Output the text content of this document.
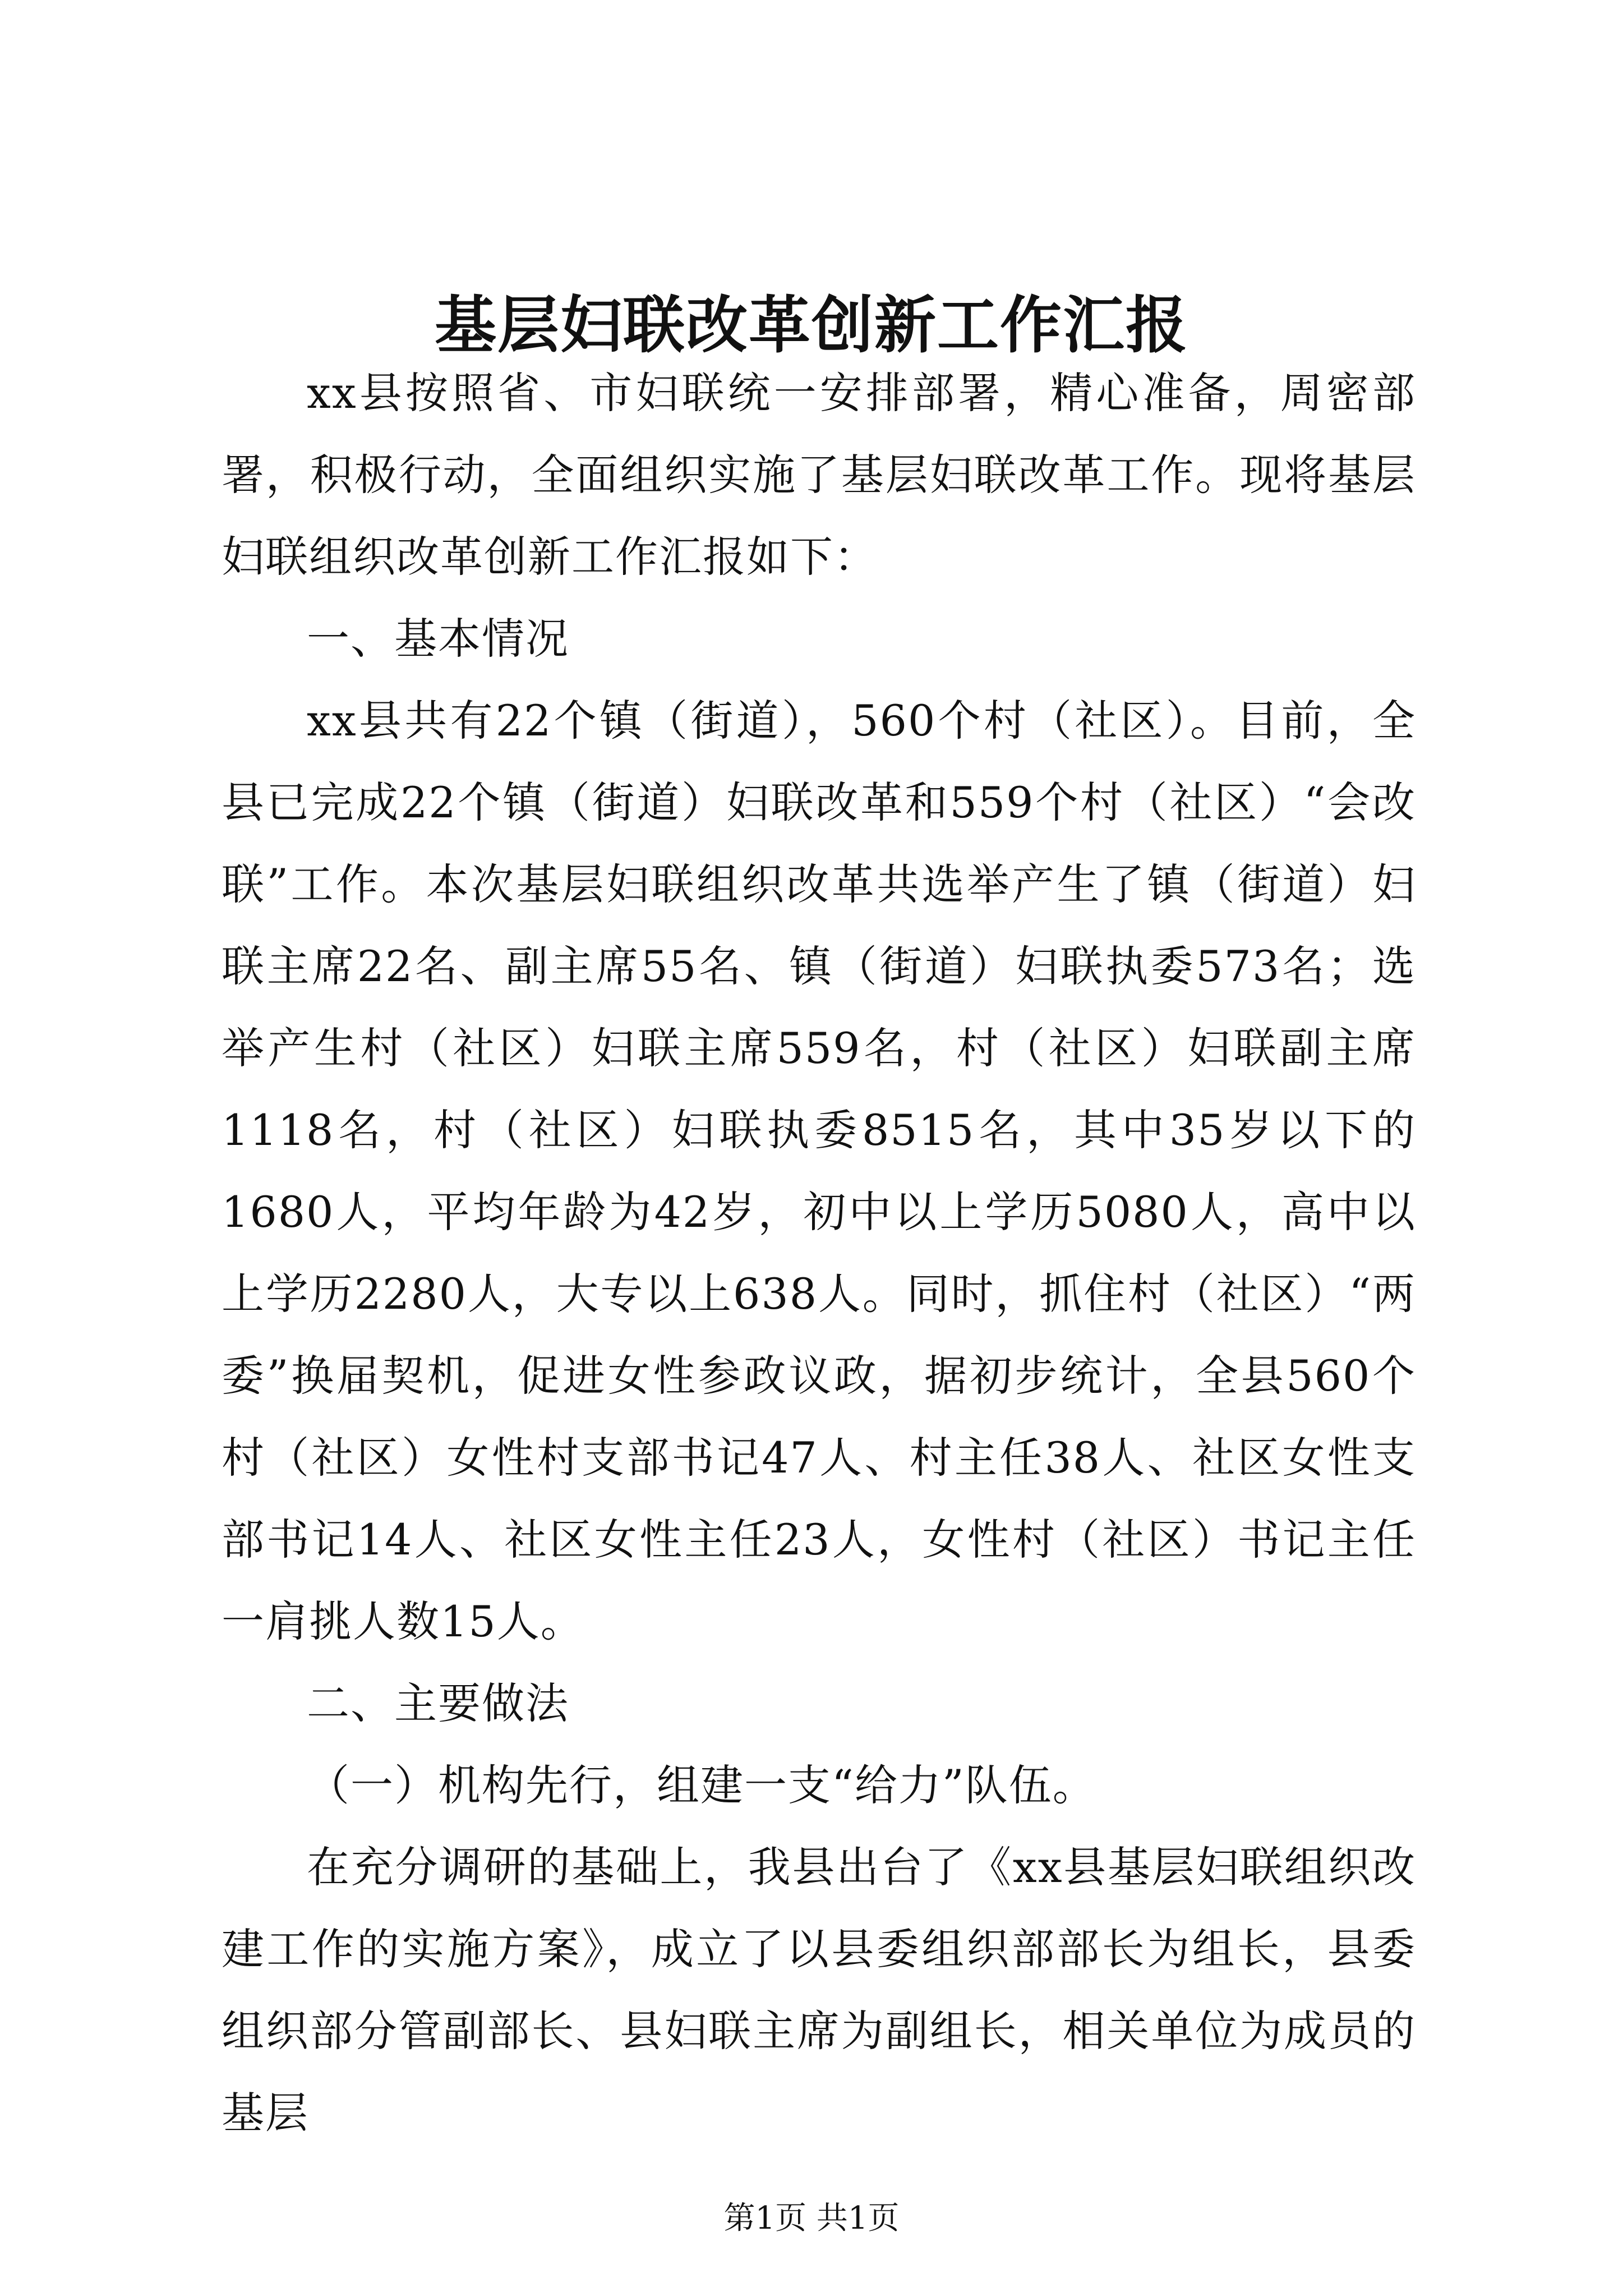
基层妇联改革创新工作汇报

xx县按照省、市妇联统一安排部署，精心准备，周密部署，积极行动，全面组织实施了基层妇联改革工作。现将基层妇联组织改革创新工作汇报如下：

一、基本情况

xx县共有22个镇（街道），560个村（社区）。目前，全县已完成22个镇（街道）妇联改革和559个村（社区）“会改联”工作。本次基层妇联组织改革共选举产生了镇（街道）妇联主席22名、副主席55名、镇（街道）妇联执委573名；选举产生村（社区）妇联主席559名，村（社区）妇联副主席1118名，村（社区）妇联执委8515名，其中35岁以下的1680人，平均年龄为42岁，初中以上学历5080人，高中以上学历2280人，大专以上638人。同时，抓住村（社区）“两委”换届契机，促进女性参政议政，据初步统计，全县560个村（社区）女性村支部书记47人、村主任38人、社区女性支部书记14人、社区女性主任23人，女性村（社区）书记主任一肩挑人数15人。

二、主要做法

（一）机构先行，组建一支“给力”队伍。

在充分调研的基础上，我县出台了《xx县基层妇联组织改建工作的实施方案》，成立了以县委组织部部长为组长，县委组织部分管副部长、县妇联主席为副组长，相关单位为成员的基层

第1页 共1页
